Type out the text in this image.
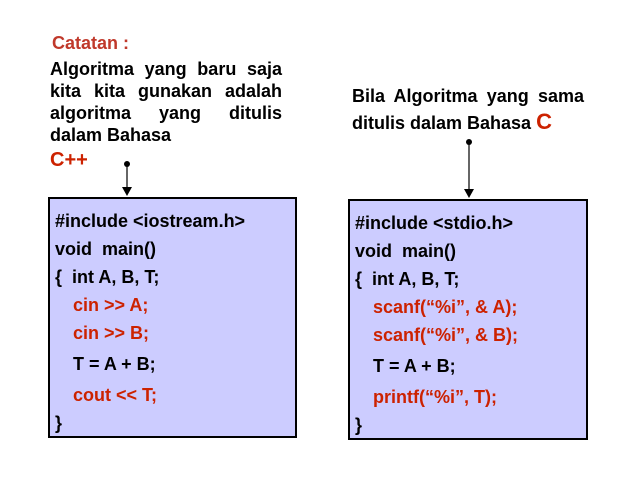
Catatan :
Algoritma yang baru saja kita kita gunakan adalah algoritma yang ditulis dalam Bahasa
C++
Bila Algoritma yang sama ditulis dalam Bahasa C
#include <iostream.h>
void  main()
{  int A, B, T;
cin >> A;
cin >> B;
T = A + B;
cout << T;
}
#include <stdio.h>
void  main()
{  int A, B, T;
scanf(“%i”, & A);
scanf(“%i”, & B);
T = A + B;
printf(“%i”, T);
}
